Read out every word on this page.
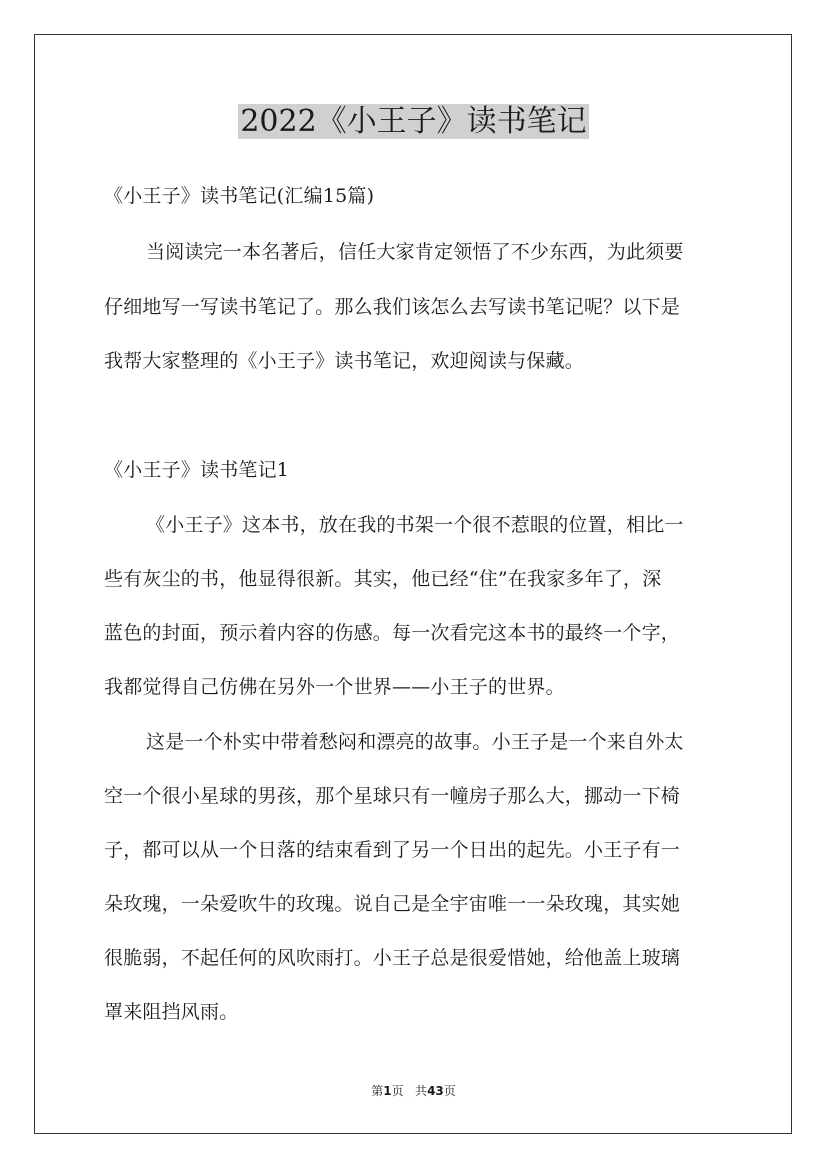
2022《小王子》读书笔记
《小王子》读书笔记(汇编15篇)
当阅读完一本名著后，信任大家肯定领悟了不少东西，为此须要
仔细地写一写读书笔记了。那么我们该怎么去写读书笔记呢？以下是
我帮大家整理的《小王子》读书笔记，欢迎阅读与保藏。
《小王子》读书笔记1
《小王子》这本书，放在我的书架一个很不惹眼的位置，相比一
些有灰尘的书，他显得很新。其实，他已经“住”在我家多年了，深
蓝色的封面，预示着内容的伤感。每一次看完这本书的最终一个字，
我都觉得自己仿佛在另外一个世界——小王子的世界。
这是一个朴实中带着愁闷和漂亮的故事。小王子是一个来自外太
空一个很小星球的男孩，那个星球只有一幢房子那么大，挪动一下椅
子，都可以从一个日落的结束看到了另一个日出的起先。小王子有一
朵玫瑰，一朵爱吹牛的玫瑰。说自己是全宇宙唯一一朵玫瑰，其实她
很脆弱，不起任何的风吹雨打。小王子总是很爱惜她，给他盖上玻璃
罩来阻挡风雨。
第1页 共43页
